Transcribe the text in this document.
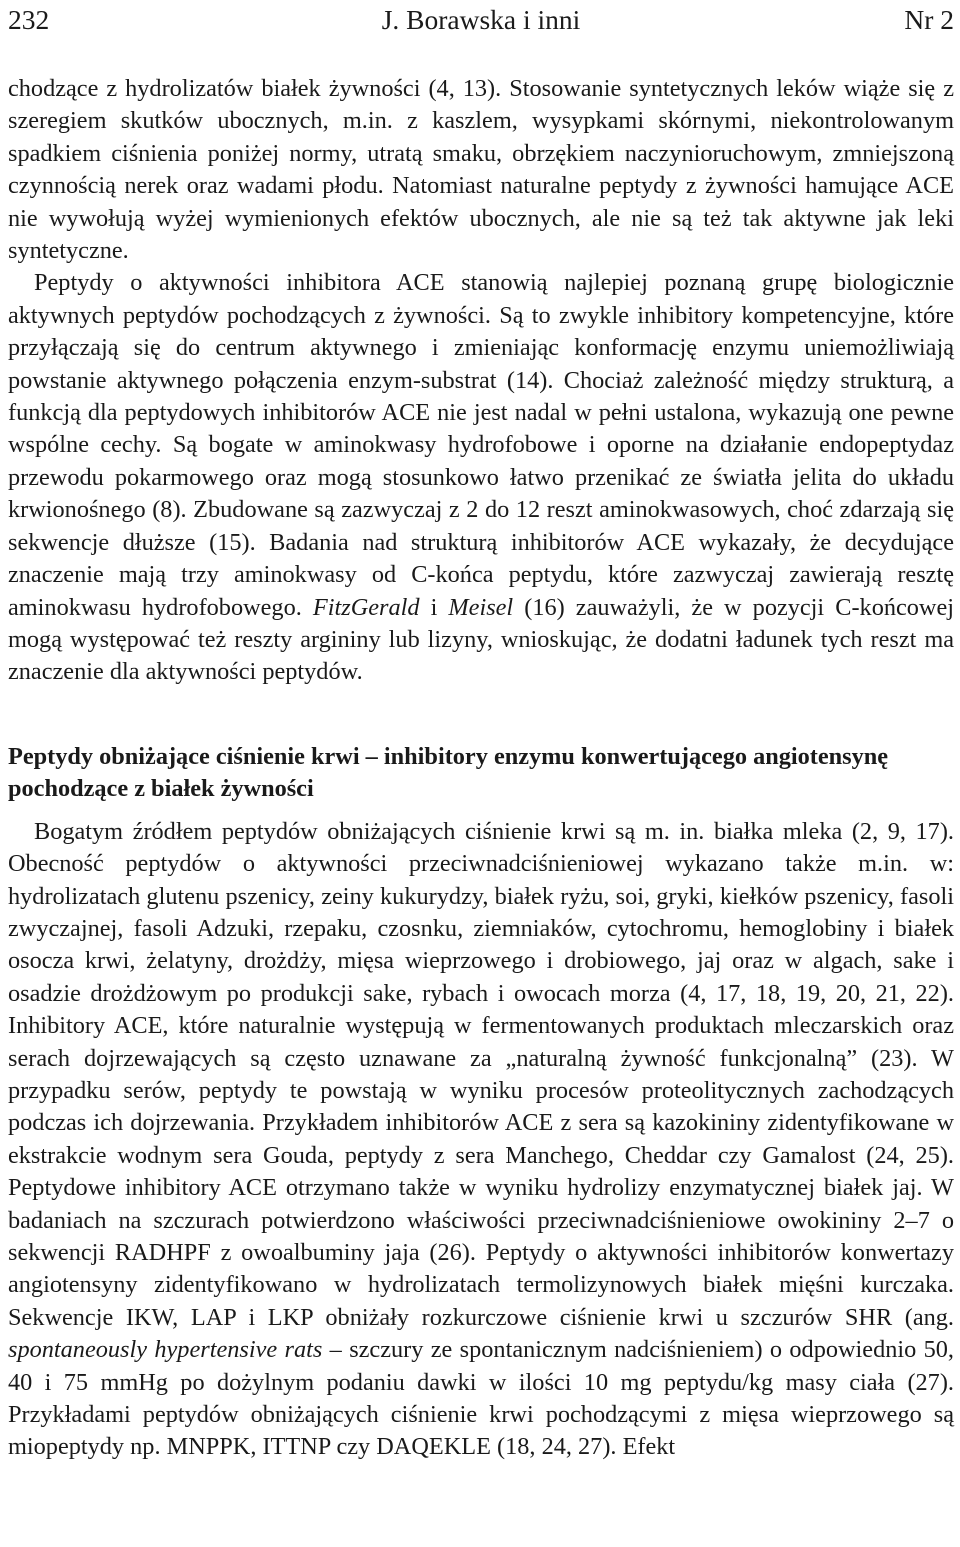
232	J. Borawska i inni	Nr 2

chodzące z hydrolizatów białek żywności (4, 13). Stosowanie syntetycznych leków wiąże się z szeregiem skutków ubocznych, m.in. z kaszlem, wysypkami skórnymi, niekontrolowanym spadkiem ciśnienia poniżej normy, utratą smaku, obrzękiem naczynioruchowym, zmniejszoną czynnością nerek oraz wadami płodu. Natomiast naturalne peptydy z żywności hamujące ACE nie wywołują wyżej wymienionych efektów ubocznych, ale nie są też tak aktywne jak leki syntetyczne.

Peptydy o aktywności inhibitora ACE stanowią najlepiej poznaną grupę biologicznie aktywnych peptydów pochodzących z żywności. Są to zwykle inhibitory kompetencyjne, które przyłączają się do centrum aktywnego i zmieniając konformację enzymu uniemożliwiają powstanie aktywnego połączenia enzym-substrat (14). Chociaż zależność między strukturą, a funkcją dla peptydowych inhibitorów ACE nie jest nadal w pełni ustalona, wykazują one pewne wspólne cechy. Są bogate w aminokwasy hydrofobowe i oporne na działanie endopeptydaz przewodu pokarmowego oraz mogą stosunkowo łatwo przenikać ze światła jelita do układu krwionośnego (8). Zbudowane są zazwyczaj z 2 do 12 reszt aminokwasowych, choć zdarzają się sekwencje dłuższe (15). Badania nad strukturą inhibitorów ACE wykazały, że decydujące znaczenie mają trzy aminokwasy od C-końca peptydu, które zazwyczaj zawierają resztę aminokwasu hydrofobowego. FitzGerald i Meisel (16) zauważyli, że w pozycji C-końcowej mogą występować też reszty argininy lub lizyny, wnioskując, że dodatni ładunek tych reszt ma znaczenie dla aktywności peptydów.

Peptydy obniżające ciśnienie krwi – inhibitory enzymu konwertującego angiotensynę pochodzące z białek żywności

Bogatym źródłem peptydów obniżających ciśnienie krwi są m. in. białka mleka (2, 9, 17). Obecność peptydów o aktywności przeciwnadciśnieniowej wykazano także m.in. w: hydrolizatach glutenu pszenicy, zeiny kukurydzy, białek ryżu, soi, gryki, kiełków pszenicy, fasoli zwyczajnej, fasoli Adzuki, rzepaku, czosnku, ziemniaków, cytochromu, hemoglobiny i białek osocza krwi, żelatyny, drożdży, mięsa wieprzowego i drobiowego, jaj oraz w algach, sake i osadzie drożdżowym po produkcji sake, rybach i owocach morza (4, 17, 18, 19, 20, 21, 22). Inhibitory ACE, które naturalnie występują w fermentowanych produktach mleczarskich oraz serach dojrzewających są często uznawane za „naturalną żywność funkcjonalną” (23). W przypadku serów, peptydy te powstają w wyniku procesów proteolitycznych zachodzących podczas ich dojrzewania. Przykładem inhibitorów ACE z sera są kazokininy zidentyfikowane w ekstrakcie wodnym sera Gouda, peptydy z sera Manchego, Cheddar czy Gamalost (24, 25). Peptydowe inhibitory ACE otrzymano także w wyniku hydrolizy enzymatycznej białek jaj. W badaniach na szczurach potwierdzono właściwości przeciwnadciśnieniowe owokininy 2–7 o sekwencji RADHPF z owoalbuminy jaja (26). Peptydy o aktywności inhibitorów konwertazy angiotensyny zidentyfikowano w hydrolizatach termolizynowych białek mięśni kurczaka. Sekwencje IKW, LAP i LKP obniżały rozkurczowe ciśnienie krwi u szczurów SHR (ang. spontaneously hypertensive rats – szczury ze spontanicznym nadciśnieniem) o odpowiednio 50, 40 i 75 mmHg po dożylnym podaniu dawki w ilości 10 mg peptydu/kg masy ciała (27). Przykładami peptydów obniżających ciśnienie krwi pochodzącymi z mięsa wieprzowego są miopeptydy np. MNPPK, ITTNP czy DAQEKLE (18, 24, 27). Efekt
